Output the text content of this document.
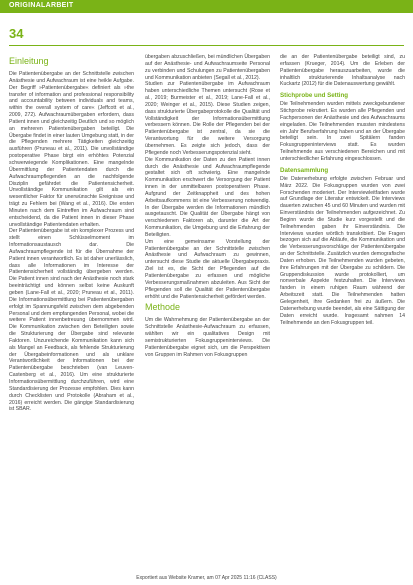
ORIGINALARBEIT
34
Einleitung

Die Patientenübergabe an der Schnittstelle zwischen Anästhesie und Aufwachraum ist eine heikle Aufgabe. Der Begriff »Patientenübergabe« definiert als »the transfer of information and professional responsibility and accountability between individuals and teams, within the overall system of care« (Jeffcott et al., 2009, 272). Aufwachraumübergaben erfordern, dass Patient innen und gleichzeitig Deutlich und so möglich an mehreren Patientenübergaben beteiligt. Die Übergabe findet in einer lauten Umgebung statt, in der die Pflegenden mehrere Tätigkeiten gleichzeitig ausführen (Pruneau et al., 2011). Die unvollständige postoperative Phase birgt ein erhöhtes Potenzial schwerwiegende Komplikationen. Eine mangelnde Übermittlung der Patientendaten durch die Aufwachraumpflegenden an die nachfolgende Disziplin gefährdet die Patientensicherheit. Unvollständige Kommunikation gilt als ein wesentlicher Faktor für unerwünschte Ereignisse und trägt zu Fehlern bei (Wang et al., 2016). Die ersten Minuten nach dem Eintreffen im Aufwachraum sind entscheidend, da die Patient innen in dieser Phase unvollständige Patientendaten erhalten.

Der Patientenübergabe ist ein komplexer Prozess und stellt einen Schlüsselmoment im Informationsaustausch dar. Die Aufwachraumpflegende ist für die Übernahme der Patient innen verantwortlich. Es ist daher unerlässlich, dass alle Informationen im Interesse der Patientensicherheit vollständig übergeben werden. Die Patient innen sind nach der Anästhesie noch stark beeinträchtigt und können selbst keine Auskunft geben (Lane-Fall et al., 2020; Pruneau et al., 2011). Die Informationsübermittlung bei Patientenübergaben erfolgt im Spannungsfeld zwischen dem abgebenden Personal und dem empfangenden Personal, wobei die weitere Patient innenbetreuung übernommen wird. Die Kommunikation zwischen den Beteiligten sowie die Strukturierung der Übergabe sind relevante Faktoren. Unzureichende Kommunikation kann sich als Mangel an Feedback, als fehlende Strukturierung der Übergabeinformationen und als unklare Verantwortlichkeit der Informationen bei der Patientenübergabe beschrieben (van Leuven-Castenberg et al., 2016). Um eine strukturierte Informationsübermittlung durchzuführen, wird eine Standardisierung der Prozesse empfohlen. Dies kann durch Checklisten und Protokolle (Abraham et al., 2016) erreicht werden. Die gängige Standardisierung ist SBAR.

übergaben abzuschließen, bei mündlichen Übergaben auf der Anästhesie- und Aufwachraumseite Personal zu verbinden und Schulungen zu Patientenübergaben und Kommunikation anbieten (Segall et al., 2012).

Studien zur Patientenübergabe im Aufwachraum haben unterschiedliche Themen untersucht (Rose et al., 2019; Burmeister et al., 2019; Lane-Fall et al., 2020; Weinger et al., 2015). Diese Studien zeigen, dass strukturierte Übergabeprotokolle die Qualität und Vollständigkeit der Informationsübermittlung verbessern können. Die Rolle der Pflegenden bei der Patientenübergabe ist zentral, da sie die Verantwortung für die weitere Versorgung übernehmen. Es zeigte sich jedoch, dass der Pflegende noch Verbesserungspotenzial sieht.

Die Kommunikation der Daten zu den Patient innen durch die Anästhesie und Aufwachraumpflegende gestaltet sich oft schwierig. Eine mangelnde Kommunikation erschwert die Versorgung der Patient innen in der unmittelbaren postoperativen Phase. Aufgrund der Zeitknappheit und des hohen Arbeitsaufkommens ist eine Verbesserung notwendig. In der Übergabe werden die Informationen mündlich ausgetauscht. Die Qualität der Übergabe hängt von verschiedenen Faktoren ab, darunter die Art der Kommunikation, die Umgebung und die Erfahrung der Beteiligten.

Um eine gemeinsame Vorstellung der Patientenübergabe an der Schnittstelle zwischen Anästhesie und Aufwachraum zu gewinnen, untersucht diese Studie die aktuelle Übergabepraxis. Ziel ist es, die Sicht der Pflegenden auf die Patientenübergabe zu erfassen und mögliche Verbesserungsmaßnahmen abzuleiten. Aus Sicht der Pflegenden soll die Qualität der Patientenübergabe erhöht und die Patientensicherheit gefördert werden.

Methode

Um die Wahrnehmung der Patientenübergabe an der Schnittstelle Anästhesie-Aufwachraum zu erfassen, wählten wir ein qualitatives Design mit semistrukturierten Fokusgruppeninterviews. Die Patientenübergabe eignet sich, um die Perspektiven von Gruppen im Rahmen von Fokusgruppen

die an der Patientenübergabe beteiligt sind, zu erfassen (Krueger, 2014). Um die Erleben der Patientenübergabe herauszuarbeiten, wurde die inhaltlich strukturierende Inhaltsanalyse nach Kuckartz (2012) für die Datenauswertung gewählt.

Stichprobe und Setting

Die Teilnehmenden wurden mittels zweckgebundener Stichprobe rekrutiert. Es wurden alle Pflegenden und Fachpersonen der Anästhesie und des Aufwachraums eingeladen. Die Teilnehmenden mussten mindestens ein Jahr Berufserfahrung haben und an der Übergabe beteiligt sein. In zwei Spitälern fanden Fokusgruppeninterviews statt. Es wurden Teilnehmende aus verschiedenen Bereichen und mit unterschiedlicher Erfahrung eingeschlossen.

Datensammlung

Die Datenerhebung erfolgte zwischen Februar und März 2022. Die Fokusgruppen wurden von zwei Forschenden moderiert. Der Interviewleitfaden wurde auf Grundlage der Literatur entwickelt. Die Interviews dauerten zwischen 45 und 60 Minuten und wurden mit Einverständnis der Teilnehmenden aufgezeichnet. Zu Beginn wurde die Studie kurz vorgestellt und die Teilnehmenden gaben ihr Einverständnis. Die Interviews wurden wörtlich transkribiert. Die Fragen bezogen sich auf die Abläufe, die Kommunikation und die Verbesserungsvorschläge der Patientenübergabe an der Schnittstelle. Zusätzlich wurden demografische Daten erhoben. Die Teilnehmenden wurden gebeten, ihre Erfahrungen mit der Übergabe zu schildern. Die Gruppendiskussion wurde protokolliert, um nonverbale Aspekte festzuhalten. Die Interviews fanden in einem ruhigen Raum während der Arbeitszeit statt. Die Teilnehmenden hatten Gelegenheit, ihre Gedanken frei zu äußern. Die Datenerhebung wurde beendet, als eine Sättigung der Daten erreicht wurde. Insgesamt nahmen 14 Teilnehmende an den Fokusgruppen teil.

Exportiert aus Website Kramer, am 07 Apr 2025 11:16 (CLASS)
